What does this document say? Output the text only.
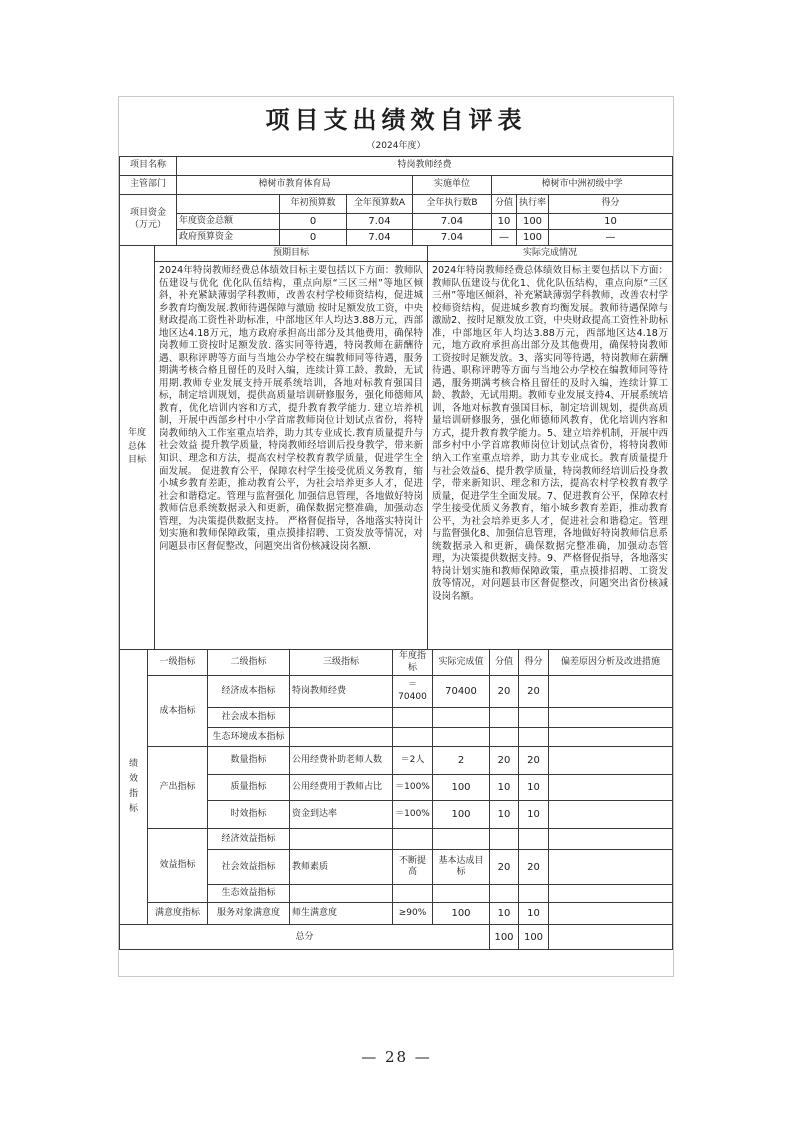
项目支出绩效自评表
（2024年度）
项目名称	特岗教师经费		
主管部门	樟树市教育体育局	实施单位	樟树市中洲初级中学
项目资金（万元）		年初预算数	全年预算数A	全年执行数B	分值	执行率	得分
	年度资金总额	0	7.04	7.04	10	100	10
	政府预算资金	0	7.04	7.04	—	100	—
年度总体目标	预期目标	实际完成情况
2024年特岗教师经费总体绩效目标主要包括以下方面：教师队伍建设与优化 优化队伍结构，重点向原“三区三州”等地区倾斜，补充紧缺薄弱学科教师，改善农村学校师资结构，促进城乡教育均衡发展.教师待遇保障与激励 按时足额发放工资，中央财政提高工资性补助标准，中部地区年人均达3.88万元，西部地区达4.18万元，地方政府承担高出部分及其他费用，确保特岗教师工资按时足额发放. 落实同等待遇，特岗教师在薪酬待遇、职称评聘等方面与当地公办学校在编教师同等待遇，服务期满考核合格且留任的及时入编，连续计算工龄、教龄，无试用期.教师专业发展支持开展系统培训，各地对标教育强国目标，制定培训规划，提供高质量培训研修服务，强化师德师风教育，优化培训内容和方式，提升教育教学能力. 建立培养机制，开展中西部乡村中小学首席教师岗位计划试点省份，将特岗教师纳入工作室重点培养，助力其专业成长.教育质量提升与社会效益 提升教学质量，特岗教师经培训后投身教学，带来新知识、理念和方法，提高农村学校教育教学质量，促进学生全面发展。 促进教育公平，保障农村学生接受优质义务教育，缩小城乡教育差距，推动教育公平，为社会培养更多人才，促进社会和谐稳定。管理与监督强化 加强信息管理，各地做好特岗教师信息系统数据录入和更新，确保数据完整准确，加强动态管理，为决策提供数据支持。 严格督促指导，各地落实特岗计划实施和教师保障政策，重点摸排招聘、工资发放等情况，对问题县市区督促整改，问题突出省份核减设岗名额.	2024年特岗教师经费总体绩效目标主要包括以下方面：教师队伍建设与优化1、优化队伍结构，重点向原“三区三州”等地区倾斜，补充紧缺薄弱学科教师，改善农村学校师资结构，促进城乡教育均衡发展。教师待遇保障与激励2、按时足额发放工资，中央财政提高工资性补助标准，中部地区年人均达3.88万元，西部地区达4.18万元，地方政府承担高出部分及其他费用，确保特岗教师工资按时足额发放。3、落实同等待遇，特岗教师在薪酬待遇、职称评聘等方面与当地公办学校在编教师同等待遇，服务期满考核合格且留任的及时入编，连续计算工龄、教龄，无试用期。教师专业发展支持4、开展系统培训，各地对标教育强国目标，制定培训规划，提供高质量培训研修服务，强化师德师风教育，优化培训内容和方式，提升教育教学能力。5、建立培养机制，开展中西部乡村中小学首席教师岗位计划试点省份，将特岗教师纳入工作室重点培养，助力其专业成长。教育质量提升与社会效益6、提升教学质量，特岗教师经培训后投身教学，带来新知识、理念和方法，提高农村学校教育教学质量，促进学生全面发展。7、促进教育公平，保障农村学生接受优质义务教育，缩小城乡教育差距，推动教育公平，为社会培养更多人才，促进社会和谐稳定。管理与监督强化8、加强信息管理，各地做好特岗教师信息系统数据录入和更新，确保数据完整准确，加强动态管理，为决策提供数据支持。9、严格督促指导，各地落实特岗计划实施和教师保障政策，重点摸排招聘、工资发放等情况，对问题县市区督促整改，问题突出省份核减设岗名额。
绩效指标	一级指标	二级指标	三级指标	年度指标	实际完成值	分值	得分	偏差原因分析及改进措施
	成本指标	经济成本指标	特岗教师经费	＝70400	70400	20	20	
		社会成本指标						
		生态环境成本指标						
	产出指标	数量指标	公用经费补助老师人数	＝2人	2	20	20	
		质量指标	公用经费用于教师占比	＝100%	100	10	10	
		时效指标	资金到达率	＝100%	100	10	10	
	效益指标	经济效益指标						
		社会效益指标	教师素质	不断提高	基本达成目标	20	20	
		生态效益指标						
	满意度指标	服务对象满意度	师生满意度	≥90%	100	10	10	
总分						100	100	
— 28 —
